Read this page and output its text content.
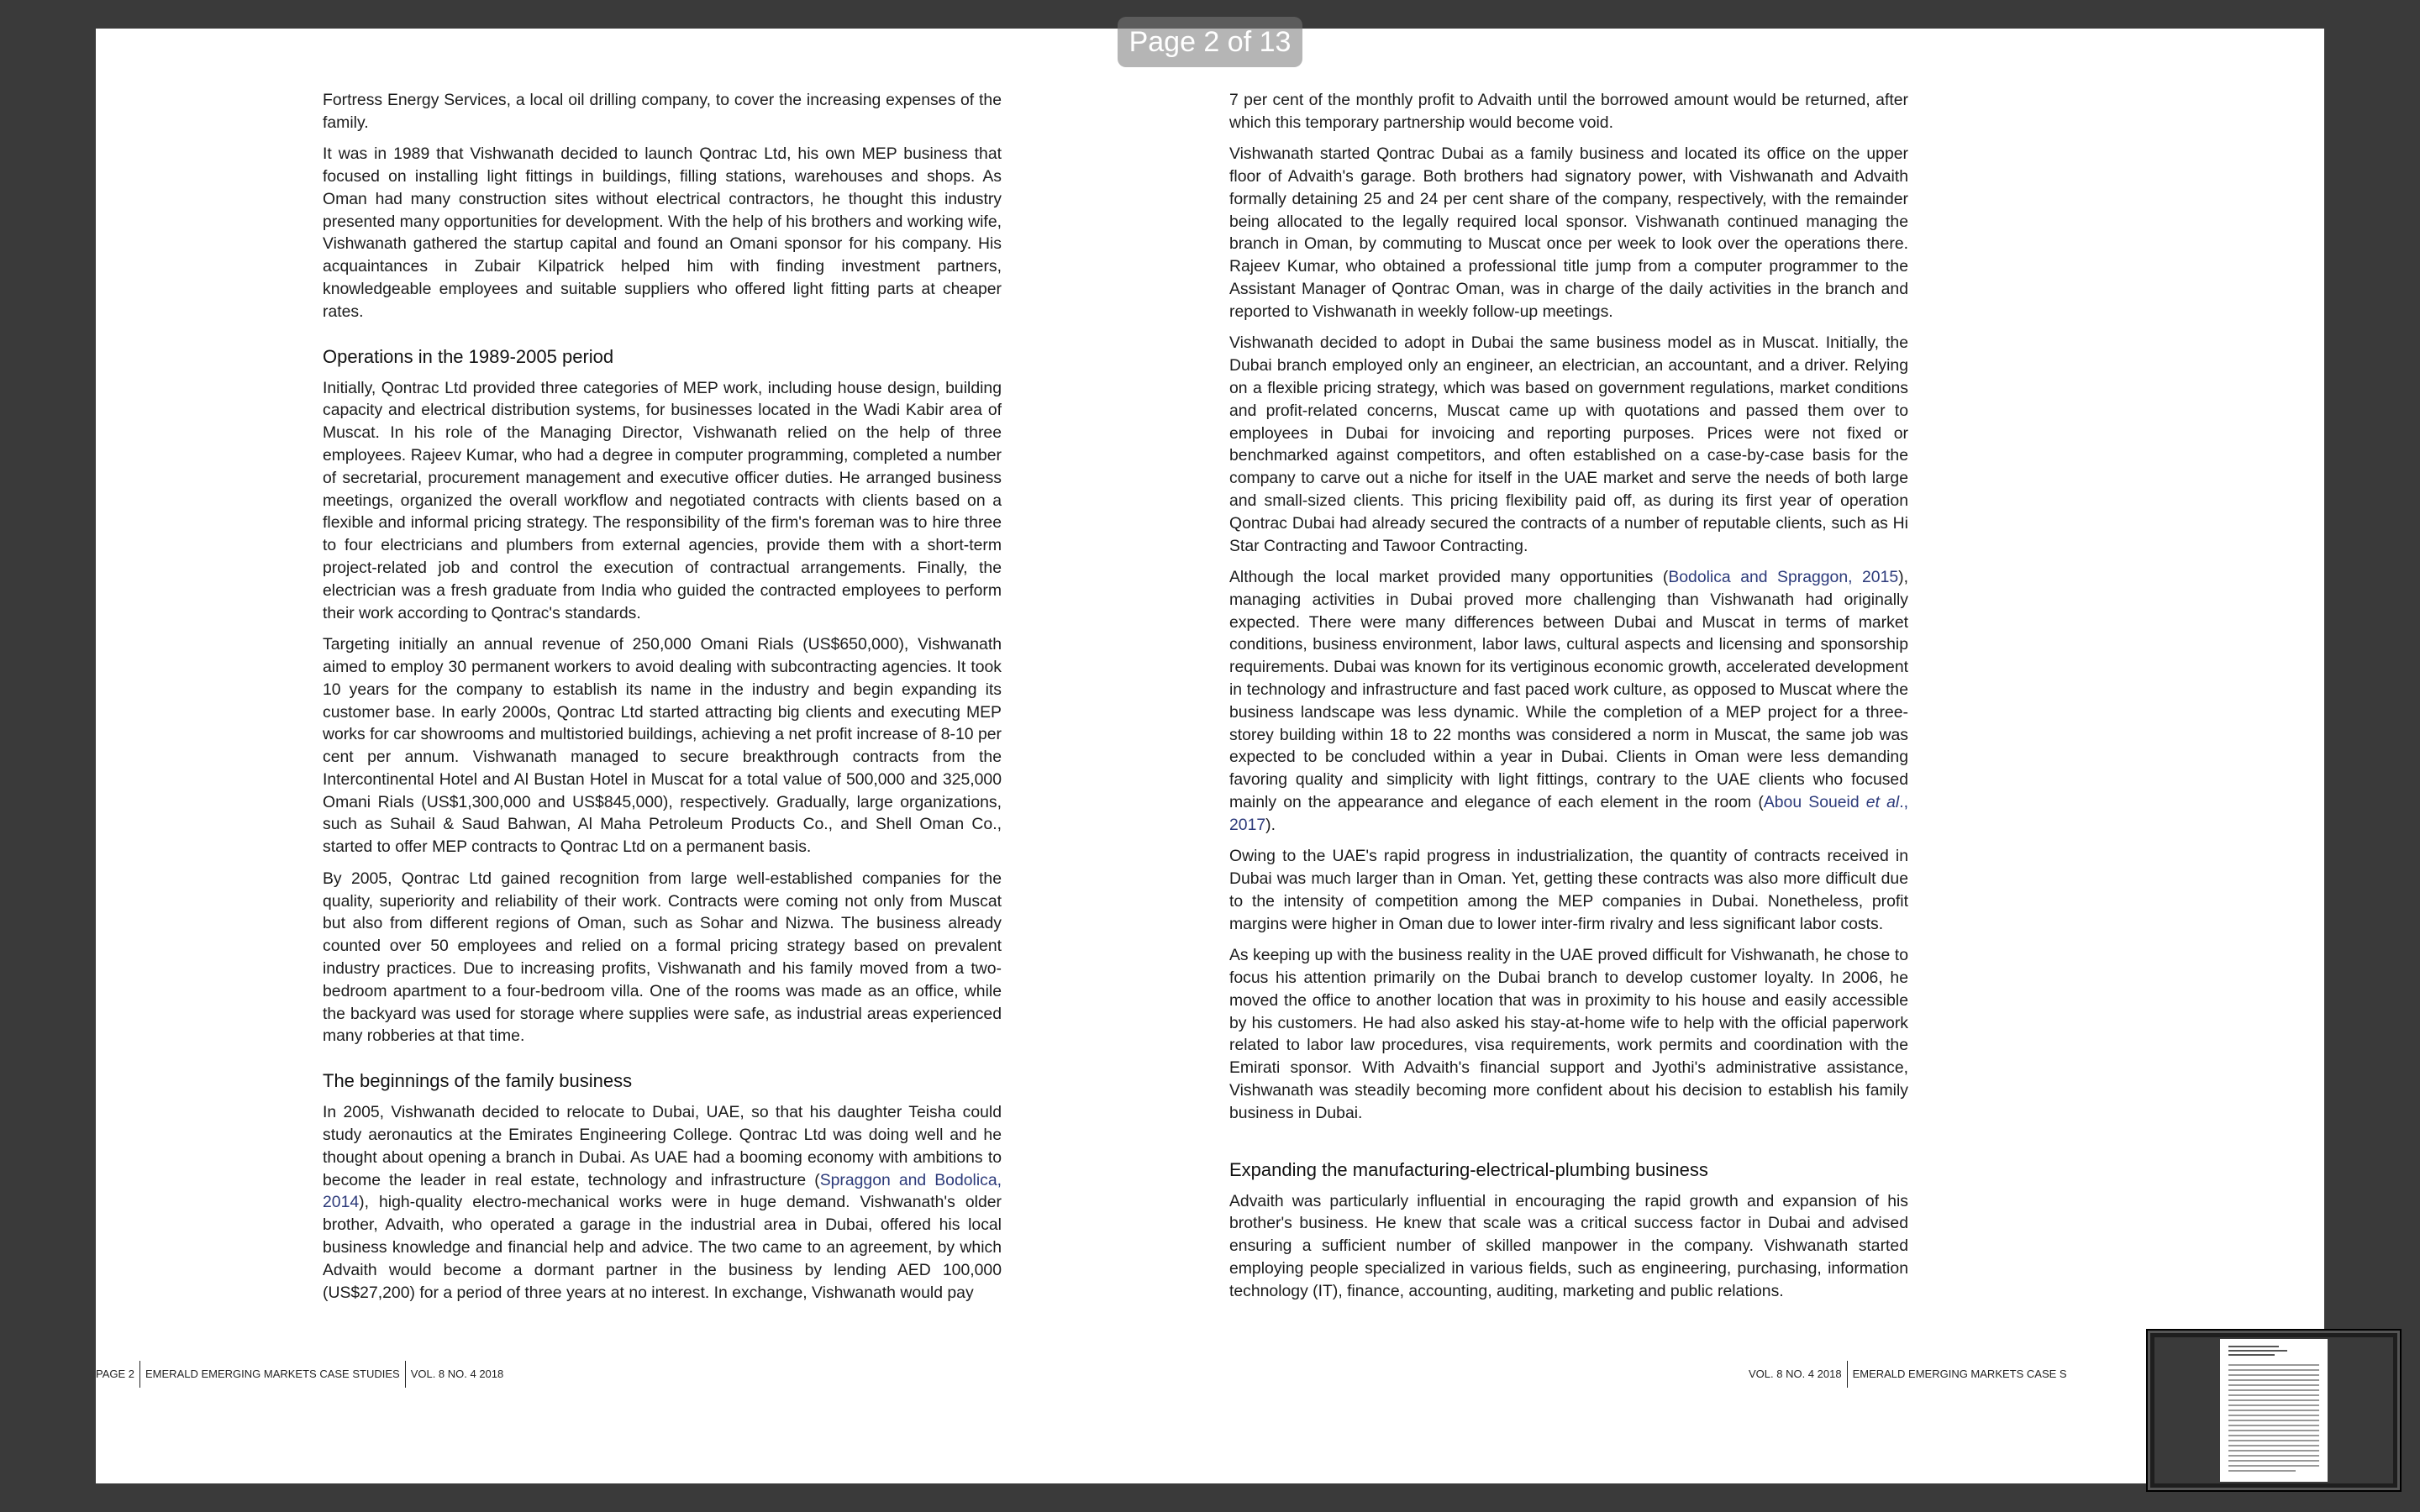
Page 2 of 13

Fortress Energy Services, a local oil drilling company, to cover the increasing expenses of the family.

It was in 1989 that Vishwanath decided to launch Qontrac Ltd, his own MEP business that focused on installing light fittings in buildings, filling stations, warehouses and shops. As Oman had many construction sites without electrical contractors, he thought this industry presented many opportunities for development. With the help of his brothers and working wife, Vishwanath gathered the startup capital and found an Omani sponsor for his company. His acquaintances in Zubair Kilpatrick helped him with finding investment partners, knowledgeable employees and suitable suppliers who offered light fitting parts at cheaper rates.

Operations in the 1989-2005 period

Initially, Qontrac Ltd provided three categories of MEP work, including house design, building capacity and electrical distribution systems, for businesses located in the Wadi Kabir area of Muscat. In his role of the Managing Director, Vishwanath relied on the help of three employees. Rajeev Kumar, who had a degree in computer programming, completed a number of secretarial, procurement management and executive officer duties. He arranged business meetings, organized the overall workflow and negotiated contracts with clients based on a flexible and informal pricing strategy. The responsibility of the firm's foreman was to hire three to four electricians and plumbers from external agencies, provide them with a short-term project-related job and control the execution of contractual arrangements. Finally, the electrician was a fresh graduate from India who guided the contracted employees to perform their work according to Qontrac's standards.

Targeting initially an annual revenue of 250,000 Omani Rials (US$650,000), Vishwanath aimed to employ 30 permanent workers to avoid dealing with subcontracting agencies. It took 10 years for the company to establish its name in the industry and begin expanding its customer base. In early 2000s, Qontrac Ltd started attracting big clients and executing MEP works for car showrooms and multistoried buildings, achieving a net profit increase of 8-10 per cent per annum. Vishwanath managed to secure breakthrough contracts from the Intercontinental Hotel and Al Bustan Hotel in Muscat for a total value of 500,000 and 325,000 Omani Rials (US$1,300,000 and US$845,000), respectively. Gradually, large organizations, such as Suhail & Saud Bahwan, Al Maha Petroleum Products Co., and Shell Oman Co., started to offer MEP contracts to Qontrac Ltd on a permanent basis.

By 2005, Qontrac Ltd gained recognition from large well-established companies for the quality, superiority and reliability of their work. Contracts were coming not only from Muscat but also from different regions of Oman, such as Sohar and Nizwa. The business already counted over 50 employees and relied on a formal pricing strategy based on prevalent industry practices. Due to increasing profits, Vishwanath and his family moved from a two-bedroom apartment to a four-bedroom villa. One of the rooms was made as an office, while the backyard was used for storage where supplies were safe, as industrial areas experienced many robberies at that time.

The beginnings of the family business

In 2005, Vishwanath decided to relocate to Dubai, UAE, so that his daughter Teisha could study aeronautics at the Emirates Engineering College. Qontrac Ltd was doing well and he thought about opening a branch in Dubai. As UAE had a booming economy with ambitions to become the leader in real estate, technology and infrastructure (Spraggon and Bodolica, 2014), high-quality electro-mechanical works were in huge demand. Vishwanath's older brother, Advaith, who operated a garage in the industrial area in Dubai, offered his local business knowledge and financial help and advice. The two came to an agreement, by which Advaith would become a dormant partner in the business by lending AED 100,000 (US$27,200) for a period of three years at no interest. In exchange, Vishwanath would pay

7 per cent of the monthly profit to Advaith until the borrowed amount would be returned, after which this temporary partnership would become void.

Vishwanath started Qontrac Dubai as a family business and located its office on the upper floor of Advaith's garage. Both brothers had signatory power, with Vishwanath and Advaith formally detaining 25 and 24 per cent share of the company, respectively, with the remainder being allocated to the legally required local sponsor. Vishwanath continued managing the branch in Oman, by commuting to Muscat once per week to look over the operations there. Rajeev Kumar, who obtained a professional title jump from a computer programmer to the Assistant Manager of Qontrac Oman, was in charge of the daily activities in the branch and reported to Vishwanath in weekly follow-up meetings.

Vishwanath decided to adopt in Dubai the same business model as in Muscat. Initially, the Dubai branch employed only an engineer, an electrician, an accountant, and a driver. Relying on a flexible pricing strategy, which was based on government regulations, market conditions and profit-related concerns, Muscat came up with quotations and passed them over to employees in Dubai for invoicing and reporting purposes. Prices were not fixed or benchmarked against competitors, and often established on a case-by-case basis for the company to carve out a niche for itself in the UAE market and serve the needs of both large and small-sized clients. This pricing flexibility paid off, as during its first year of operation Qontrac Dubai had already secured the contracts of a number of reputable clients, such as Hi Star Contracting and Tawoor Contracting.

Although the local market provided many opportunities (Bodolica and Spraggon, 2015), managing activities in Dubai proved more challenging than Vishwanath had originally expected. There were many differences between Dubai and Muscat in terms of market conditions, business environment, labor laws, cultural aspects and licensing and sponsorship requirements. Dubai was known for its vertiginous economic growth, accelerated development in technology and infrastructure and fast paced work culture, as opposed to Muscat where the business landscape was less dynamic. While the completion of a MEP project for a three-storey building within 18 to 22 months was considered a norm in Muscat, the same job was expected to be concluded within a year in Dubai. Clients in Oman were less demanding favoring quality and simplicity with light fittings, contrary to the UAE clients who focused mainly on the appearance and elegance of each element in the room (Abou Soueid et al., 2017).

Owing to the UAE's rapid progress in industrialization, the quantity of contracts received in Dubai was much larger than in Oman. Yet, getting these contracts was also more difficult due to the intensity of competition among the MEP companies in Dubai. Nonetheless, profit margins were higher in Oman due to lower inter-firm rivalry and less significant labor costs.

As keeping up with the business reality in the UAE proved difficult for Vishwanath, he chose to focus his attention primarily on the Dubai branch to develop customer loyalty. In 2006, he moved the office to another location that was in proximity to his house and easily accessible by his customers. He had also asked his stay-at-home wife to help with the official paperwork related to labor law procedures, visa requirements, work permits and coordination with the Emirati sponsor. With Advaith's financial support and Jyothi's administrative assistance, Vishwanath was steadily becoming more confident about his decision to establish his family business in Dubai.

Expanding the manufacturing-electrical-plumbing business

Advaith was particularly influential in encouraging the rapid growth and expansion of his brother's business. He knew that scale was a critical success factor in Dubai and advised ensuring a sufficient number of skilled manpower in the company. Vishwanath started employing people specialized in various fields, such as engineering, purchasing, information technology (IT), finance, accounting, auditing, marketing and public relations.

PAGE 2 EMERALD EMERGING MARKETS CASE STUDIES VOL. 8 NO. 4 2018	VOL. 8 NO. 4 2018 EMERALD EMERGING MARKETS CASE S
